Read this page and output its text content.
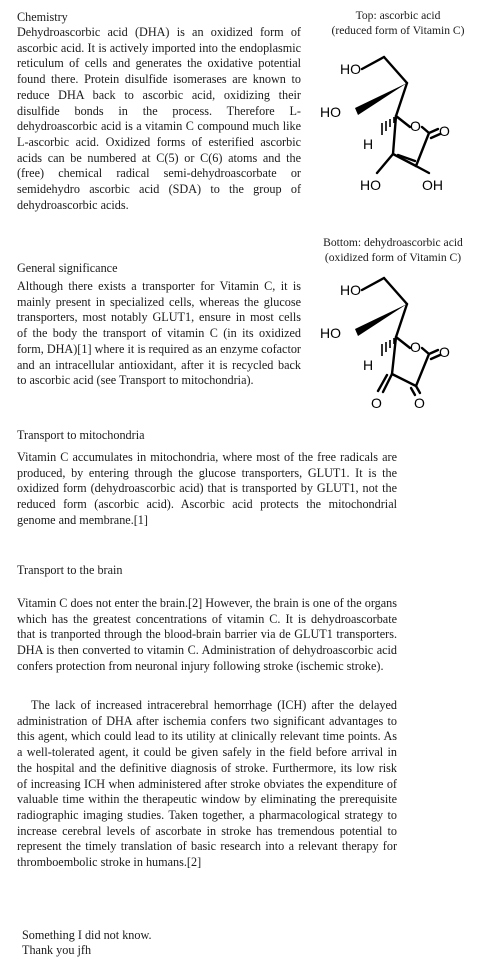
Chemistry

Dehydroascorbic acid (DHA) is an oxidized form of ascorbic acid. It is actively imported into the endoplasmic reticulum of cells and generates the oxidative potential found there. Protein disulfide isomerases are known to reduce DHA back to ascorbic acid, oxidizing their disulfide bonds in the process. Therefore L-dehydroascorbic acid is a vitamin C compound much like L-ascorbic acid. Oxidized forms of esterified ascorbic acids can be numbered at C(5) or C(6) atoms and the (free) chemical radical semi-dehydroascorbate or semidehydro ascorbic acid (SDA) to the group of dehydroascorbic acids.

Top: ascorbic acid
(reduced form of Vitamin C)
HO
HO
H
O O
HO	OH
Bottom: dehydroascorbic acid
(oxidized form of Vitamin C)
HO
HO
H
O O
O O

General significance

Although there exists a transporter for Vitamin C, it is mainly present in specialized cells, whereas the glucose transporters, most notably GLUT1, ensure in most cells of the body the transport of vitamin C (in its oxidized form, DHA)[1] where it is required as an enzyme cofactor and an intracellular antioxidant, after it is recycled back to ascorbic acid (see Transport to mitochondria).

Transport to mitochondria

Vitamin C accumulates in mitochondria, where most of the free radicals are produced, by entering through the glucose transporters, GLUT1. It is the oxidized form (dehydroascorbic acid) that is transported by GLUT1, not the reduced form (ascorbic acid). Ascorbic acid protects the mitochondrial genome and membrane.[1]

Transport to the brain

Vitamin C does not enter the brain.[2] However, the brain is one of the organs which has the greatest concentrations of vitamin C. It is dehydroascorbate that is tranported through the blood-brain barrier via de GLUT1 transporters. DHA is then converted to vitamin C. Administration of dehydroascorbic acid confers protection from neuronal injury following stroke (ischemic stroke).

The lack of increased intracerebral hemorrhage (ICH) after the delayed administration of DHA after ischemia confers two significant advantages to this agent, which could lead to its utility at clinically relevant time points. As a well-tolerated agent, it could be given safely in the field before arrival in the hospital and the definitive diagnosis of stroke. Furthermore, its low risk of increasing ICH when administered after stroke obviates the expenditure of valuable time within the therapeutic window by eliminating the prerequisite radiographic imaging studies. Taken together, a pharmacological strategy to increase cerebral levels of ascorbate in stroke has tremendous potential to represent the timely translation of basic research into a relevant therapy for thromboembolic stroke in humans.[2]

Something I did not know.

Thank you jfh
